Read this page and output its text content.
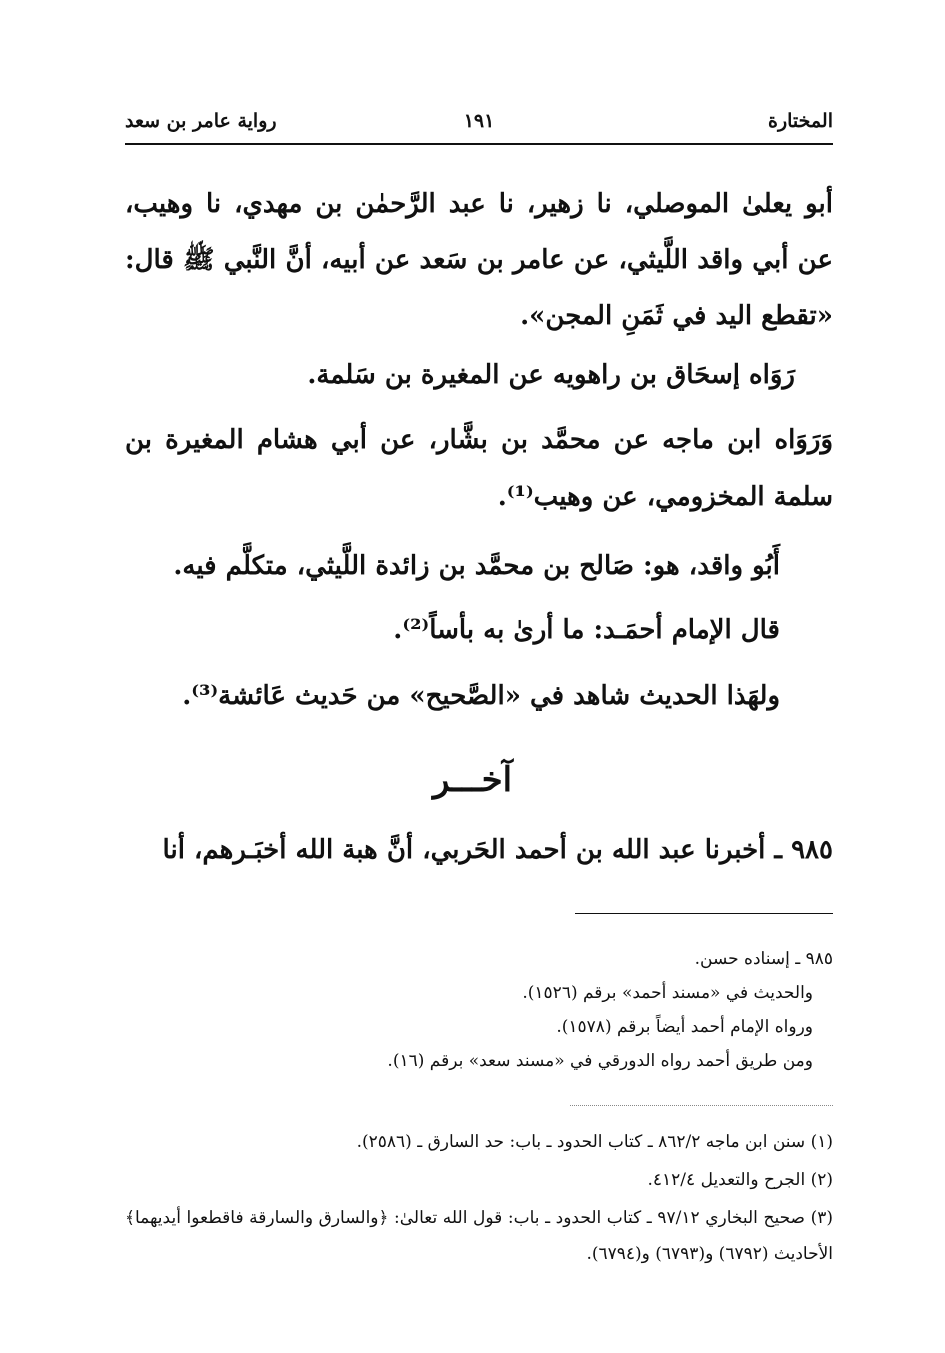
المختارة
١٩١
رواية عامر بن سعد

أبو يعلىٰ الموصلي، نا زهير، نا عبد الرَّحمٰن بن مهدي، نا وهيب، عن أبي واقد اللَّيثي، عن عامر بن سَعد عن أبيه، أنَّ النَّبي ﷺ قال: «تقطع اليد في ثَمَنِ المجن».

رَوَاه إسحَاق بن راهويه عن المغيرة بن سَلمة.

وَرَوَاه ابن ماجه عن محمَّد بن بشَّار، عن أبي هشام المغيرة بن سلمة المخزومي، عن وهيب⁽¹⁾.

أَبُو واقد، هو: صَالح بن محمَّد بن زائدة اللَّيثي، متكلَّم فيه.

قال الإمام أحمَـد: ما أرىٰ به بأساً⁽²⁾.

ولهَذا الحديث شاهد في «الصَّحيح» من حَديث عَائشة⁽³⁾.

آخـــر

٩٨٥ ـ أخبرنا عبد الله بن أحمد الحَربي، أنَّ هبة الله أخبَـرهم، أنا

٩٨٥ ـ إسناده حسن.
والحديث في «مسند أحمد» برقم (١٥٢٦).
ورواه الإمام أحمد أيضاً برقم (١٥٧٨).
ومن طريق أحمد رواه الدورقي في «مسند سعد» برقم (١٦).
(١) سنن ابن ماجه ٨٦٢/٢ ـ كتاب الحدود ـ باب: حد السارق ـ (٢٥٨٦).
(٢) الجرح والتعديل ٤١٢/٤.
(٣) صحيح البخاري ٩٧/١٢ ـ كتاب الحدود ـ باب: قول الله تعالىٰ: ﴿والسارق والسارقة فاقطعوا أيديهما﴾ الأحاديث (٦٧٩٢) و(٦٧٩٣) و(٦٧٩٤).
